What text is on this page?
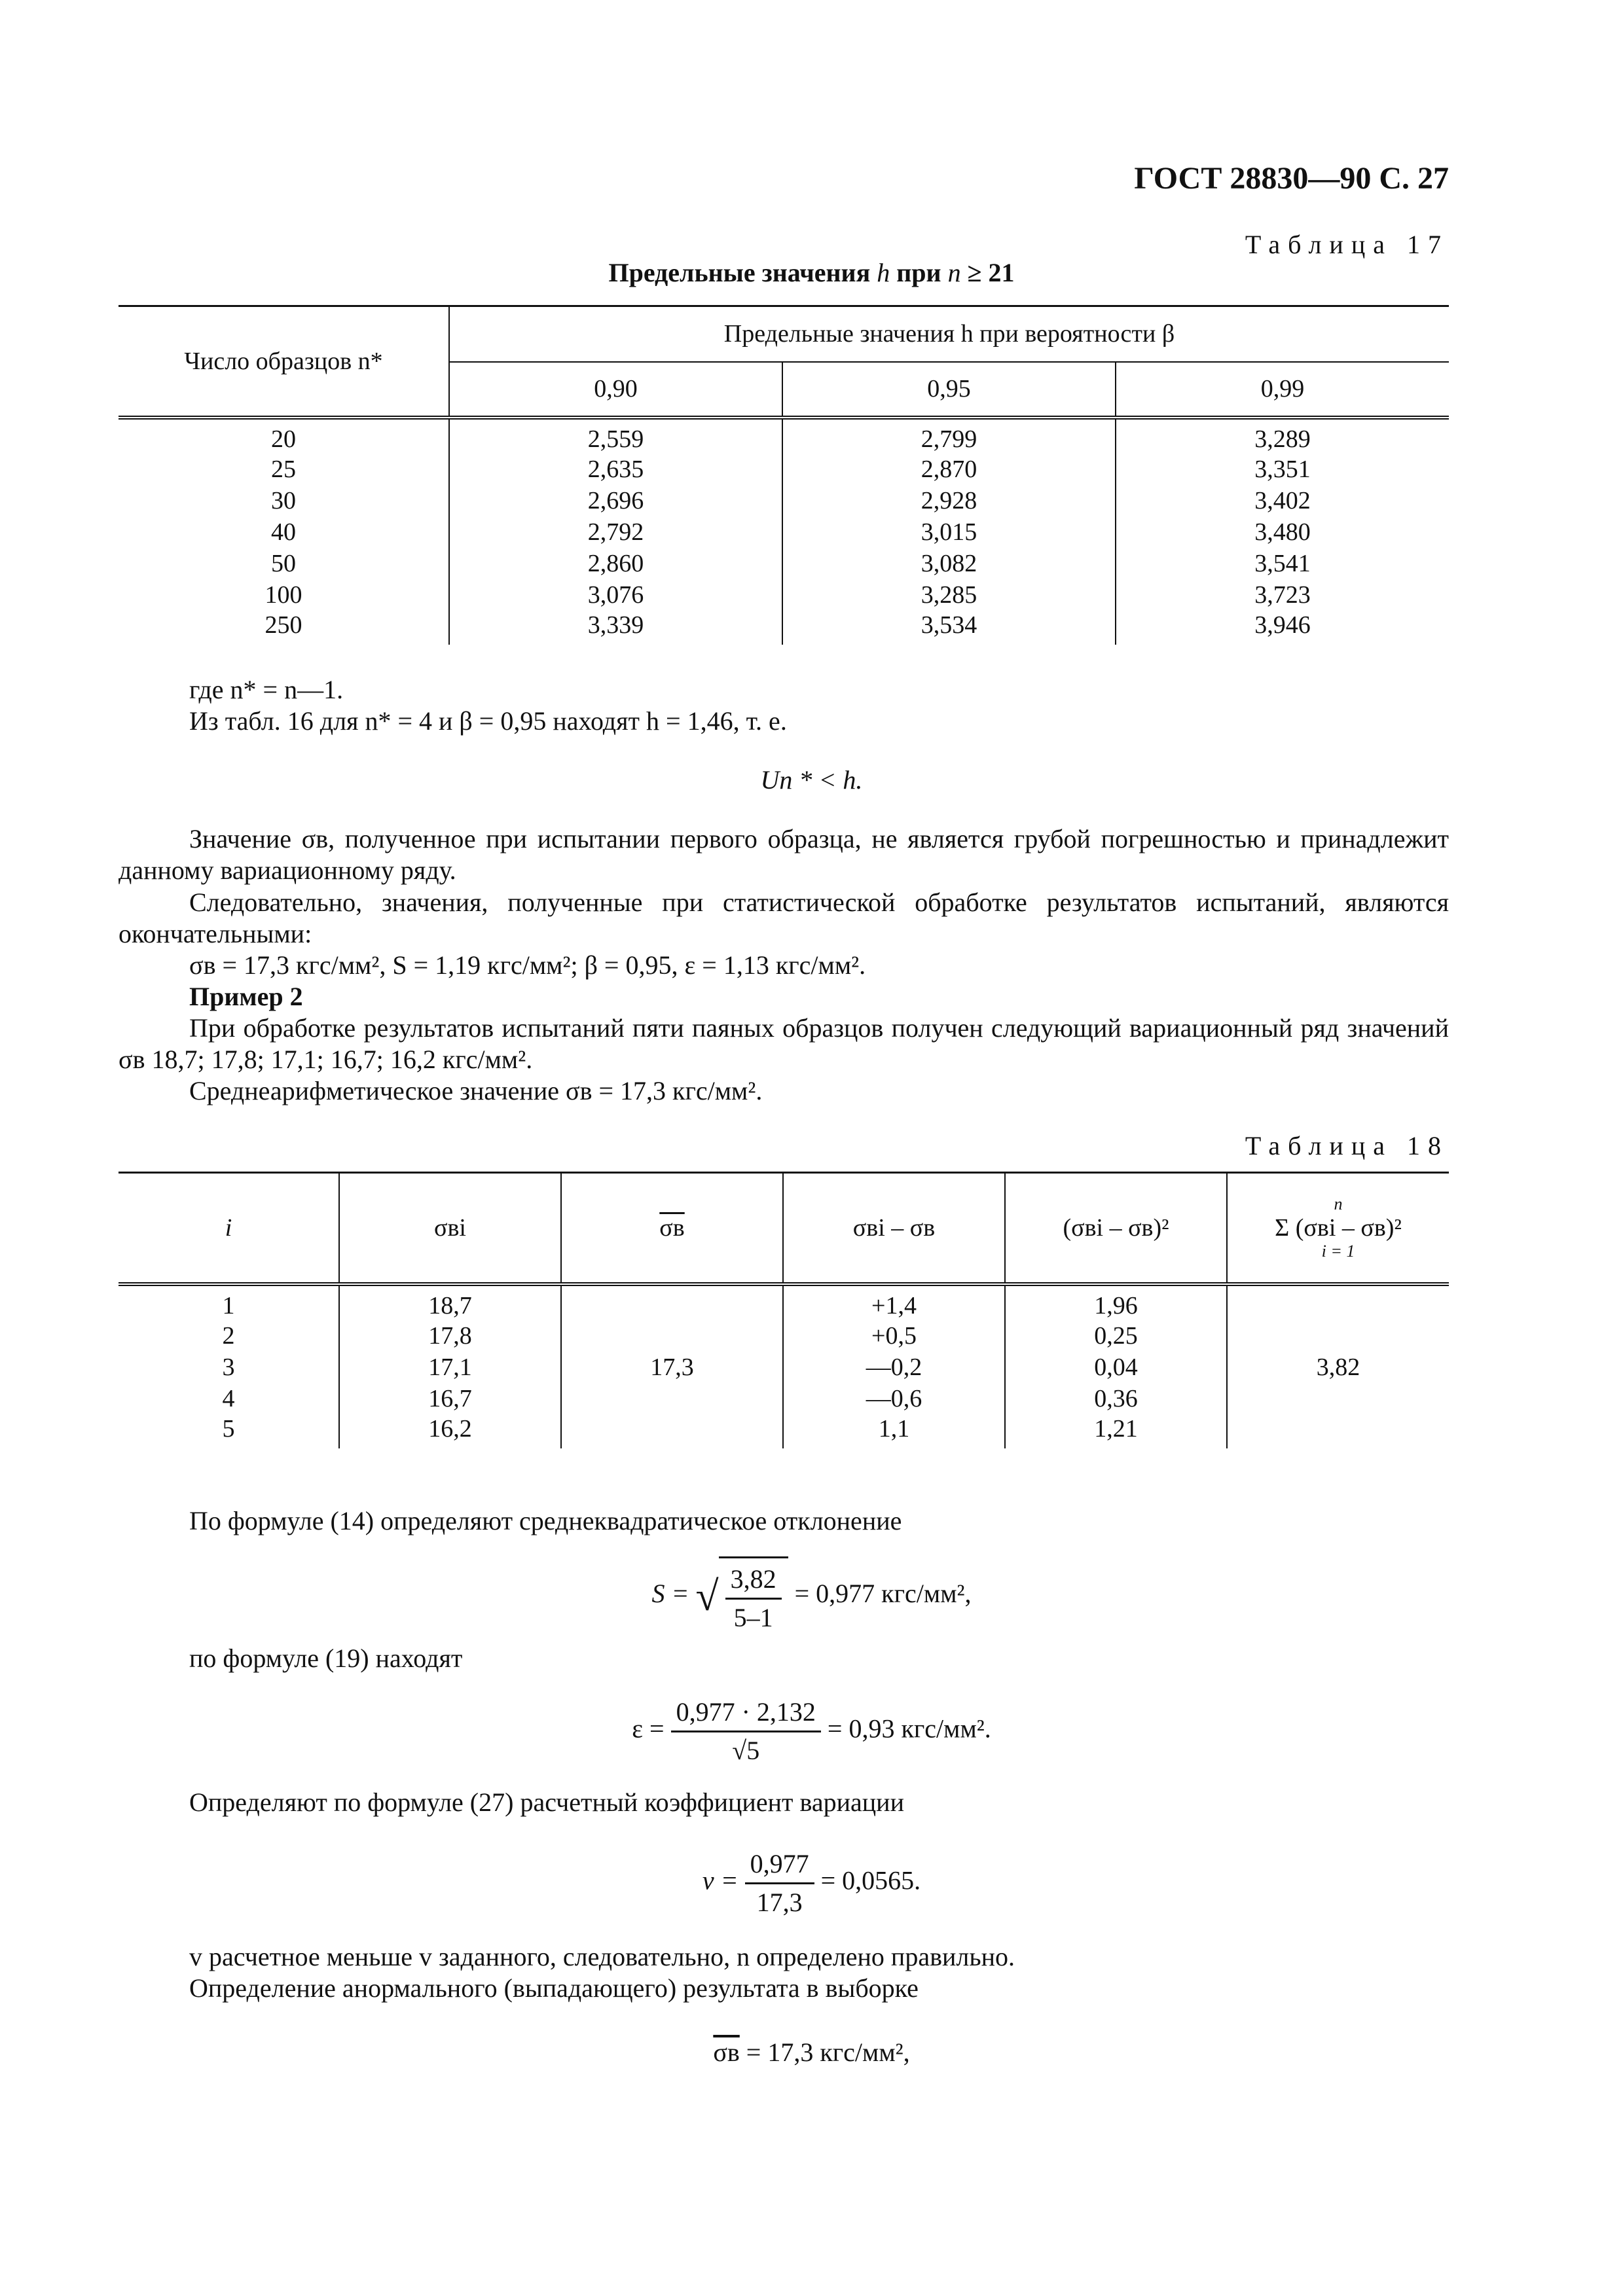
ГОСТ 28830—90 С. 27
Таблица 17
Предельные значения h при n ≥ 21
Число образцов n*	Предельные значения h при вероятности β		
	0,90	0,95	0,99
20	2,559	2,799	3,289
25	2,635	2,870	3,351
30	2,696	2,928	3,402
40	2,792	3,015	3,480
50	2,860	3,082	3,541
100	3,076	3,285	3,723
250	3,339	3,534	3,946
где n* = n—1.
Из табл. 16 для n* = 4 и β = 0,95 находят h = 1,46, т. е.
Un * < h.
Значение σв, полученное при испытании первого образца, не является грубой погрешностью и принадлежит данному вариационному ряду.
Следовательно, значения, полученные при статистической обработке результатов испытаний, являются окончательными:
σв = 17,3 кгс/мм², S = 1,19 кгс/мм²; β = 0,95, ε = 1,13 кгс/мм².
Пример 2
При обработке результатов испытаний пяти паяных образцов получен следующий вариационный ряд значений σв 18,7; 17,8; 17,1; 16,7; 16,2 кгс/мм².
Среднеарифметическое значение σв = 17,3 кгс/мм².
Таблица 18
i	σвi	σв	σвi – σв	(σвi – σв)²	n
Σ (σвi – σв)²
i = 1

1	18,7	17,3	+1,4	1,96	3,82
2	17,8		+0,5	0,25	
3	17,1		—0,2	0,04	
4	16,7		—0,6	0,36	
5	16,2		1,1	1,21	
По формуле (14) определяют среднеквадратическое отклонение
S = √ $\frac{3,82}{5-1} = 0,977$ кгс/мм²,
по формуле (19) находят
$\varepsilon = \frac{0,977 \cdot 2,132}{√5} = 0,93$ кгс/мм².
Определяют по формуле (27) расчетный коэффициент вариации
$v = \frac{0,977}{17,3} = 0,0565$.
v расчетное меньше v заданного, следовательно, n определено правильно.
Определение анормального (выпадающего) результата в выборке
σв = 17,3 кгс/мм²,
